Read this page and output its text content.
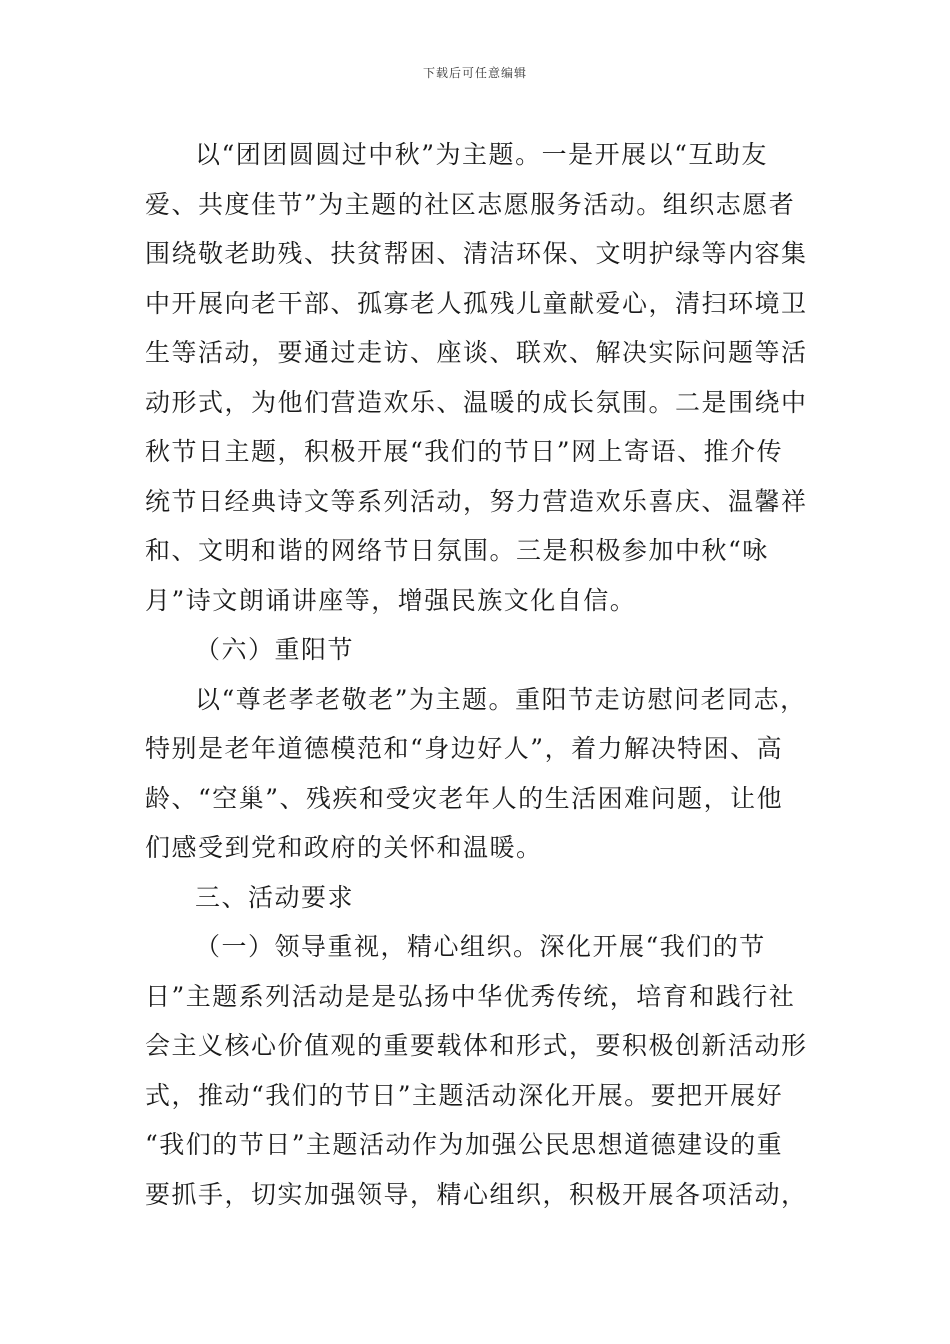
下载后可任意编辑
以“团团圆圆过中秋”为主题。一是开展以“互助友
爱、共度佳节”为主题的社区志愿服务活动。组织志愿者
围绕敬老助残、扶贫帮困、清洁环保、文明护绿等内容集
中开展向老干部、孤寡老人孤残儿童献爱心，清扫环境卫
生等活动，要通过走访、座谈、联欢、解决实际问题等活
动形式，为他们营造欢乐、温暖的成长氛围。二是围绕中
秋节日主题，积极开展“我们的节日”网上寄语、推介传
统节日经典诗文等系列活动，努力营造欢乐喜庆、温馨祥
和、文明和谐的网络节日氛围。三是积极参加中秋“咏
月”诗文朗诵讲座等，增强民族文化自信。
（六）重阳节
以“尊老孝老敬老”为主题。重阳节走访慰问老同志，
特别是老年道德模范和“身边好人”，着力解决特困、高
龄、“空巢”、残疾和受灾老年人的生活困难问题，让他
们感受到党和政府的关怀和温暖。
三、活动要求
（一）领导重视，精心组织。深化开展“我们的节
日”主题系列活动是是弘扬中华优秀传统，培育和践行社
会主义核心价值观的重要载体和形式，要积极创新活动形
式，推动“我们的节日”主题活动深化开展。要把开展好
“我们的节日”主题活动作为加强公民思想道德建设的重
要抓手，切实加强领导，精心组织，积极开展各项活动，
